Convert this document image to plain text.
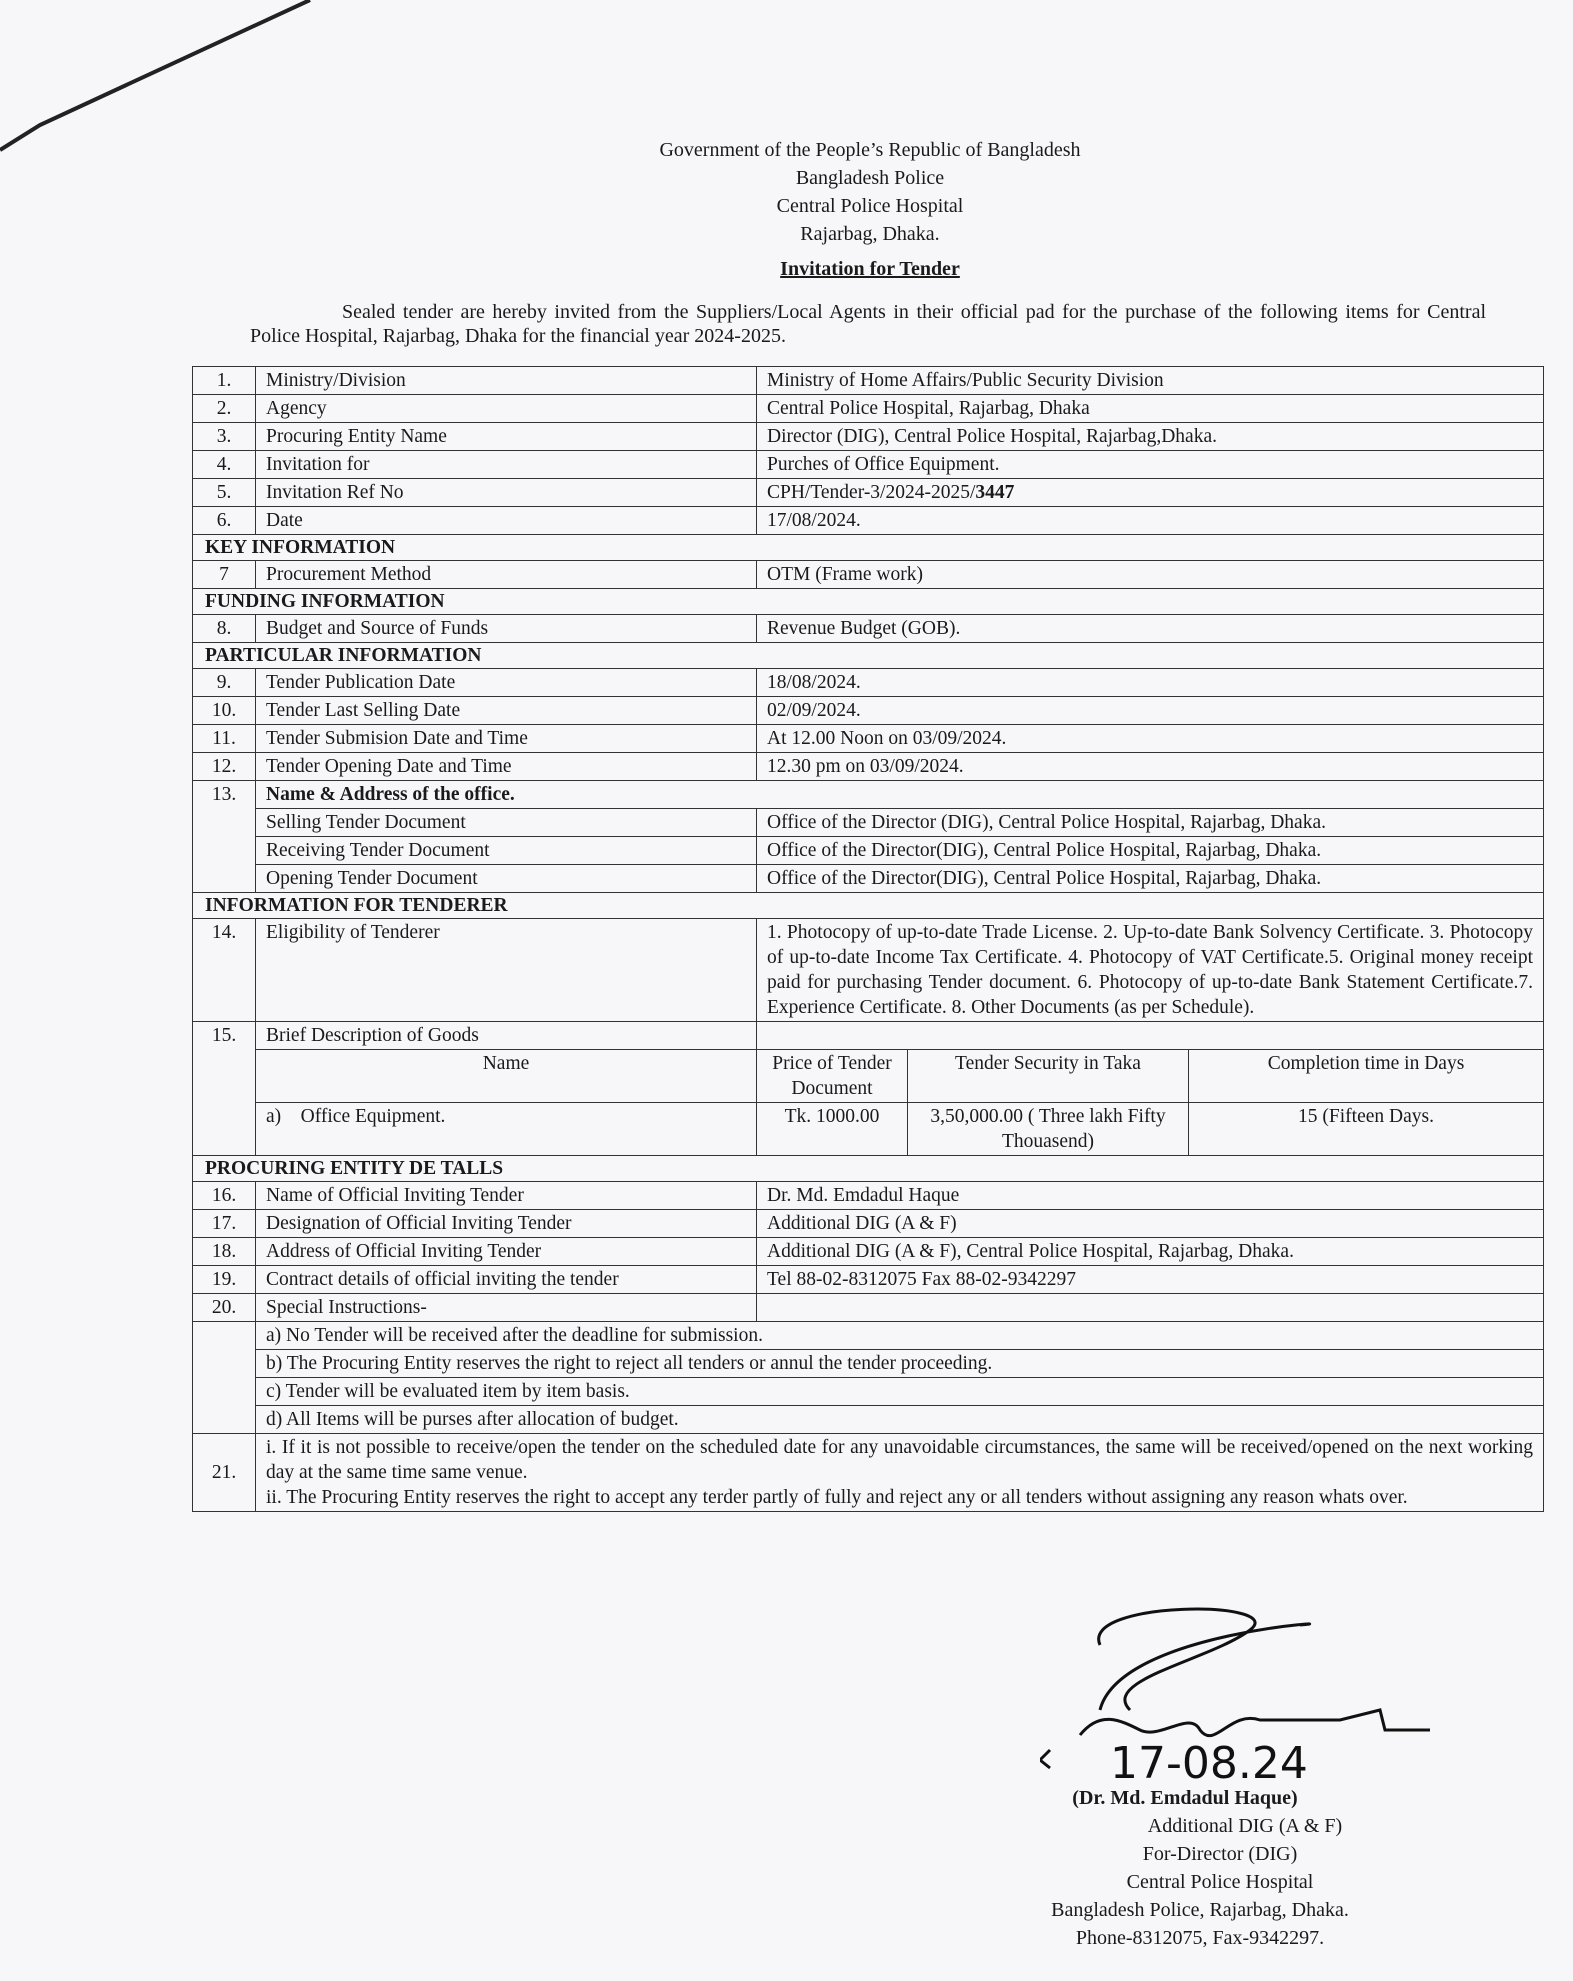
Government of the People’s Republic of Bangladesh
Bangladesh Police
Central Police Hospital
Rajarbag, Dhaka.
Invitation for Tender
Sealed tender are hereby invited from the Suppliers/Local Agents in their official pad for the purchase of the following items for Central Police Hospital, Rajarbag, Dhaka for the financial year 2024-2025.
1.	Ministry/Division	Ministry of Home Affairs/Public Security Division		
2.	Agency	Central Police Hospital, Rajarbag, Dhaka		
3.	Procuring Entity Name	Director (DIG), Central Police Hospital, Rajarbag,Dhaka.		
4.	Invitation for	Purches of Office Equipment.		
5.	Invitation Ref No	CPH/Tender-3/2024-2025/3447		
6.	Date	17/08/2024.		
KEY INFORMATION				
7	Procurement Method	OTM (Frame work)		
FUNDING INFORMATION				
8.	Budget and Source of Funds	Revenue Budget (GOB).		
PARTICULAR INFORMATION				
9.	Tender Publication Date	18/08/2024.		
10.	Tender Last Selling Date	02/09/2024.		
11.	Tender Submision Date and Time	At 12.00 Noon on 03/09/2024.		
12.	Tender Opening Date and Time	12.30 pm on 03/09/2024.		
13.	Name & Address of the office.			
	Selling Tender Document	Office of the Director (DIG), Central Police Hospital, Rajarbag, Dhaka.		
	Receiving Tender Document	Office of the Director(DIG), Central Police Hospital, Rajarbag, Dhaka.		
	Opening Tender Document	Office of the Director(DIG), Central Police Hospital, Rajarbag, Dhaka.		
INFORMATION FOR TENDERER				
14.	Eligibility of Tenderer	1. Photocopy of up-to-date Trade License. 2. Up-to-date Bank Solvency Certificate. 3. Photocopy of up-to-date Income Tax Certificate. 4. Photocopy of VAT Certificate.5. Original money receipt paid for purchasing Tender document. 6. Photocopy of up-to-date Bank Statement Certificate.7. Experience Certificate. 8. Other Documents (as per Schedule).		
15.	Brief Description of Goods			
	Name	Price of Tender Document	Tender Security in Taka	Completion time in Days
	a) Office Equipment.	Tk. 1000.00	3,50,000.00 ( Three lakh Fifty Thouasend)	15 (Fifteen Days.
PROCURING ENTITY DE TALLS				
16.	Name of Official Inviting Tender	Dr. Md. Emdadul Haque		
17.	Designation of Official Inviting Tender	Additional DIG (A & F)		
18.	Address of Official Inviting Tender	Additional DIG (A & F), Central Police Hospital, Rajarbag, Dhaka.		
19.	Contract details of official inviting the tender	Tel 88-02-8312075 Fax 88-02-9342297		
20.	Special Instructions-			
	a) No Tender will be received after the deadline for submission.			
	b) The Procuring Entity reserves the right to reject all tenders or annul the tender proceeding.			
	c) Tender will be evaluated item by item basis.			
	d) All Items will be purses after allocation of budget.			
21.	i. If it is not possible to receive/open the tender on the scheduled date for any unavoidable circumstances, the same will be received/opened on the next working day at the same time same venue.
ii. The Procuring Entity reserves the right to accept any terder partly of fully and reject any or all tenders without assigning any reason whats over.			
17-08.24
(Dr. Md. Emdadul Haque)
Additional DIG (A & F)
For-Director (DIG)
Central Police Hospital
Bangladesh Police, Rajarbag, Dhaka.
Phone-8312075, Fax-9342297.
